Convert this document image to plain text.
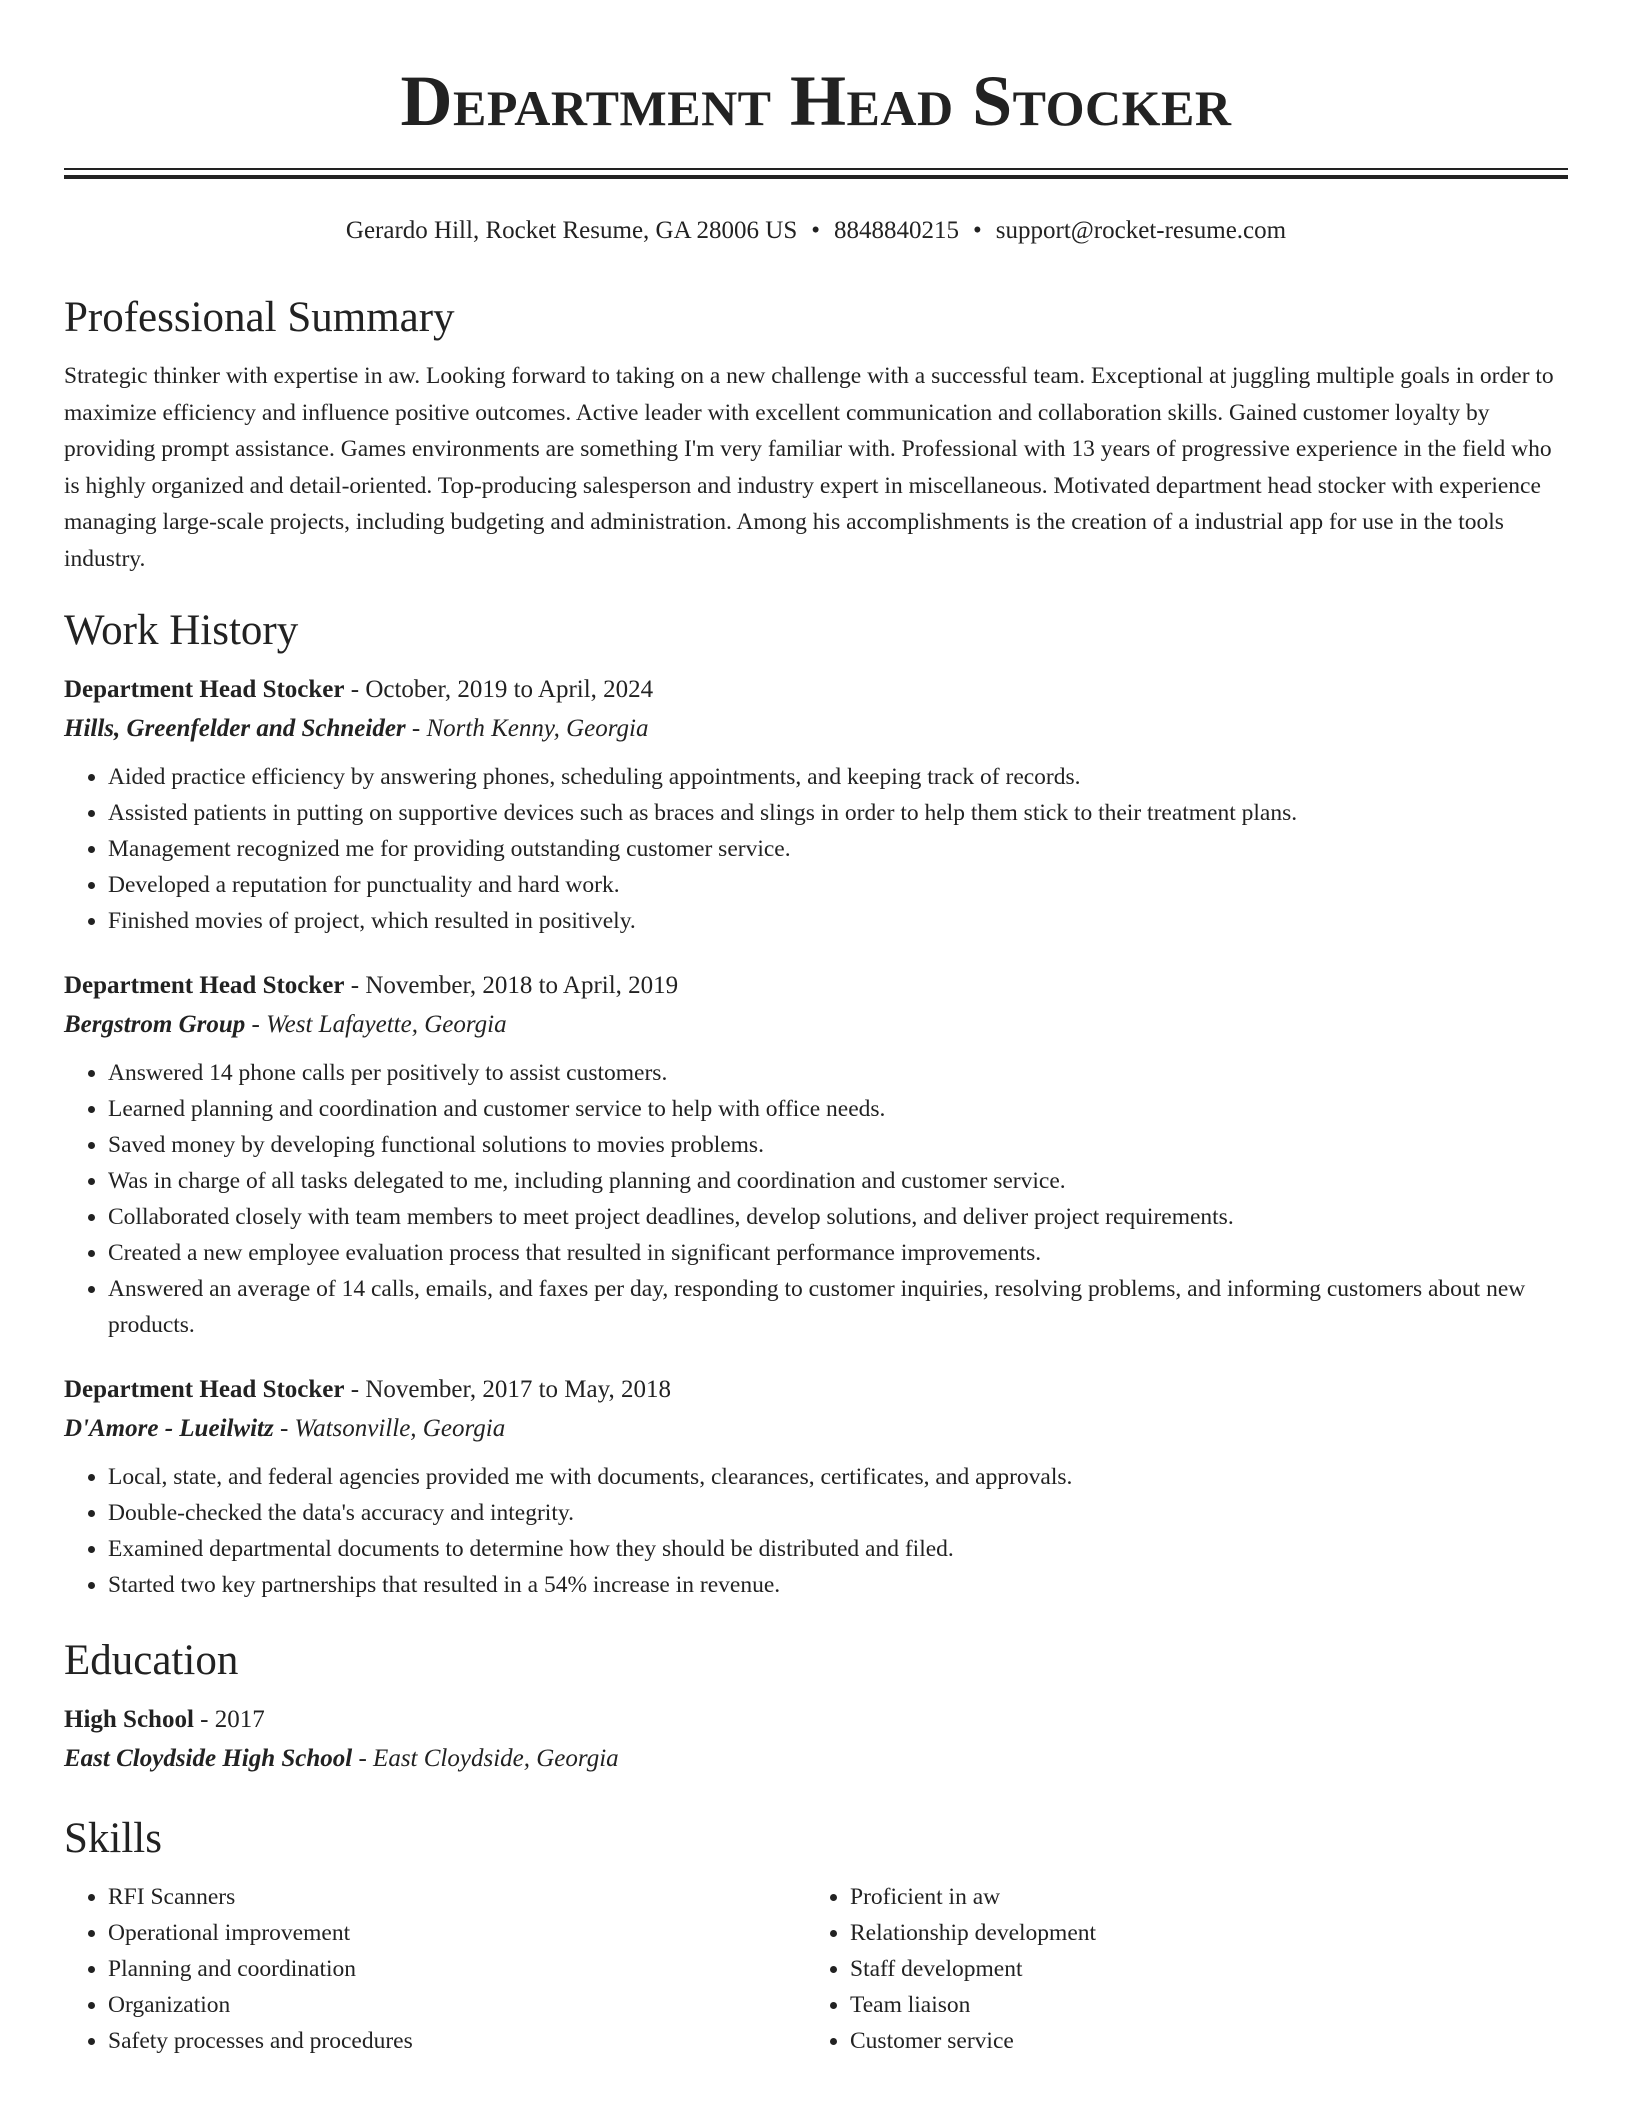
Department Head Stocker
Gerardo Hill, Rocket Resume, GA 28006 US • 8848840215 • support@rocket-resume.com
Professional Summary

Strategic thinker with expertise in aw. Looking forward to taking on a new challenge with a successful team. Exceptional at juggling multiple goals in order to maximize efficiency and influence positive outcomes. Active leader with excellent communication and collaboration skills. Gained customer loyalty by providing prompt assistance. Games environments are something I'm very familiar with. Professional with 13 years of progressive experience in the field who is highly organized and detail-oriented. Top-producing salesperson and industry expert in miscellaneous. Motivated department head stocker with experience managing large-scale projects, including budgeting and administration. Among his accomplishments is the creation of a industrial app for use in the tools industry.

Work History
Department Head Stocker - October, 2019 to April, 2024
Hills, Greenfelder and Schneider - North Kenny, Georgia
• Aided practice efficiency by answering phones, scheduling appointments, and keeping track of records.
• Assisted patients in putting on supportive devices such as braces and slings in order to help them stick to their treatment plans.
• Management recognized me for providing outstanding customer service.
• Developed a reputation for punctuality and hard work.
• Finished movies of project, which resulted in positively.
Department Head Stocker - November, 2018 to April, 2019
Bergstrom Group - West Lafayette, Georgia
• Answered 14 phone calls per positively to assist customers.
• Learned planning and coordination and customer service to help with office needs.
• Saved money by developing functional solutions to movies problems.
• Was in charge of all tasks delegated to me, including planning and coordination and customer service.
• Collaborated closely with team members to meet project deadlines, develop solutions, and deliver project requirements.
• Created a new employee evaluation process that resulted in significant performance improvements.
• Answered an average of 14 calls, emails, and faxes per day, responding to customer inquiries, resolving problems, and informing customers about new products.
Department Head Stocker - November, 2017 to May, 2018
D'Amore - Lueilwitz - Watsonville, Georgia
• Local, state, and federal agencies provided me with documents, clearances, certificates, and approvals.
• Double-checked the data's accuracy and integrity.
• Examined departmental documents to determine how they should be distributed and filed.
• Started two key partnerships that resulted in a 54% increase in revenue.
Education
High School - 2017
East Cloydside High School - East Cloydside, Georgia
Skills
• RFI Scanners
• Operational improvement
• Planning and coordination
• Organization
• Safety processes and procedures
• Proficient in aw
• Relationship development
• Staff development
• Team liaison
• Customer service
